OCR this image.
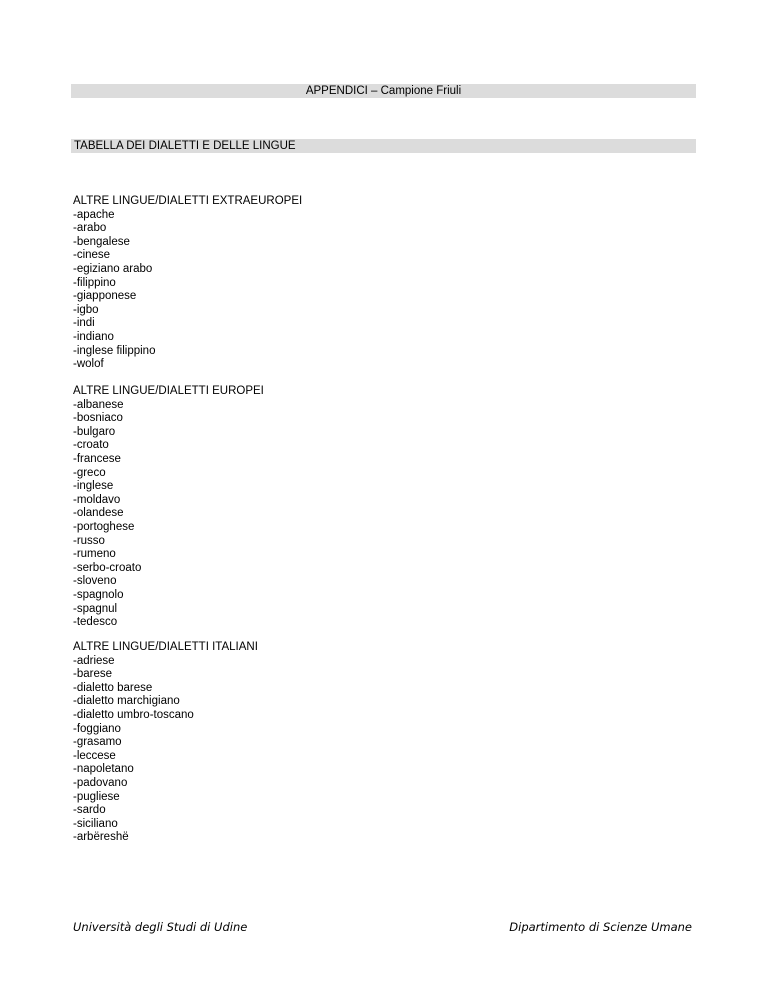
APPENDICI – Campione Friuli
TABELLA DEI DIALETTI E DELLE LINGUE
ALTRE LINGUE/DIALETTI EXTRAEUROPEI
-apache
-arabo
-bengalese
-cinese
-egiziano arabo
-filippino
-giapponese
-igbo
-indi
-indiano
-inglese filippino
-wolof
ALTRE LINGUE/DIALETTI EUROPEI
-albanese
-bosniaco
-bulgaro
-croato
-francese
-greco
-inglese
-moldavo
-olandese
-portoghese
-russo
-rumeno
-serbo-croato
-sloveno
-spagnolo
-spagnul
-tedesco
ALTRE LINGUE/DIALETTI ITALIANI
-adriese
-barese
-dialetto barese
-dialetto marchigiano
-dialetto umbro-toscano
-foggiano
-grasamo
-leccese
-napoletano
-padovano
-pugliese
-sardo
-siciliano
-arbëreshë
Università degli Studi di Udine	Dipartimento di Scienze Umane
